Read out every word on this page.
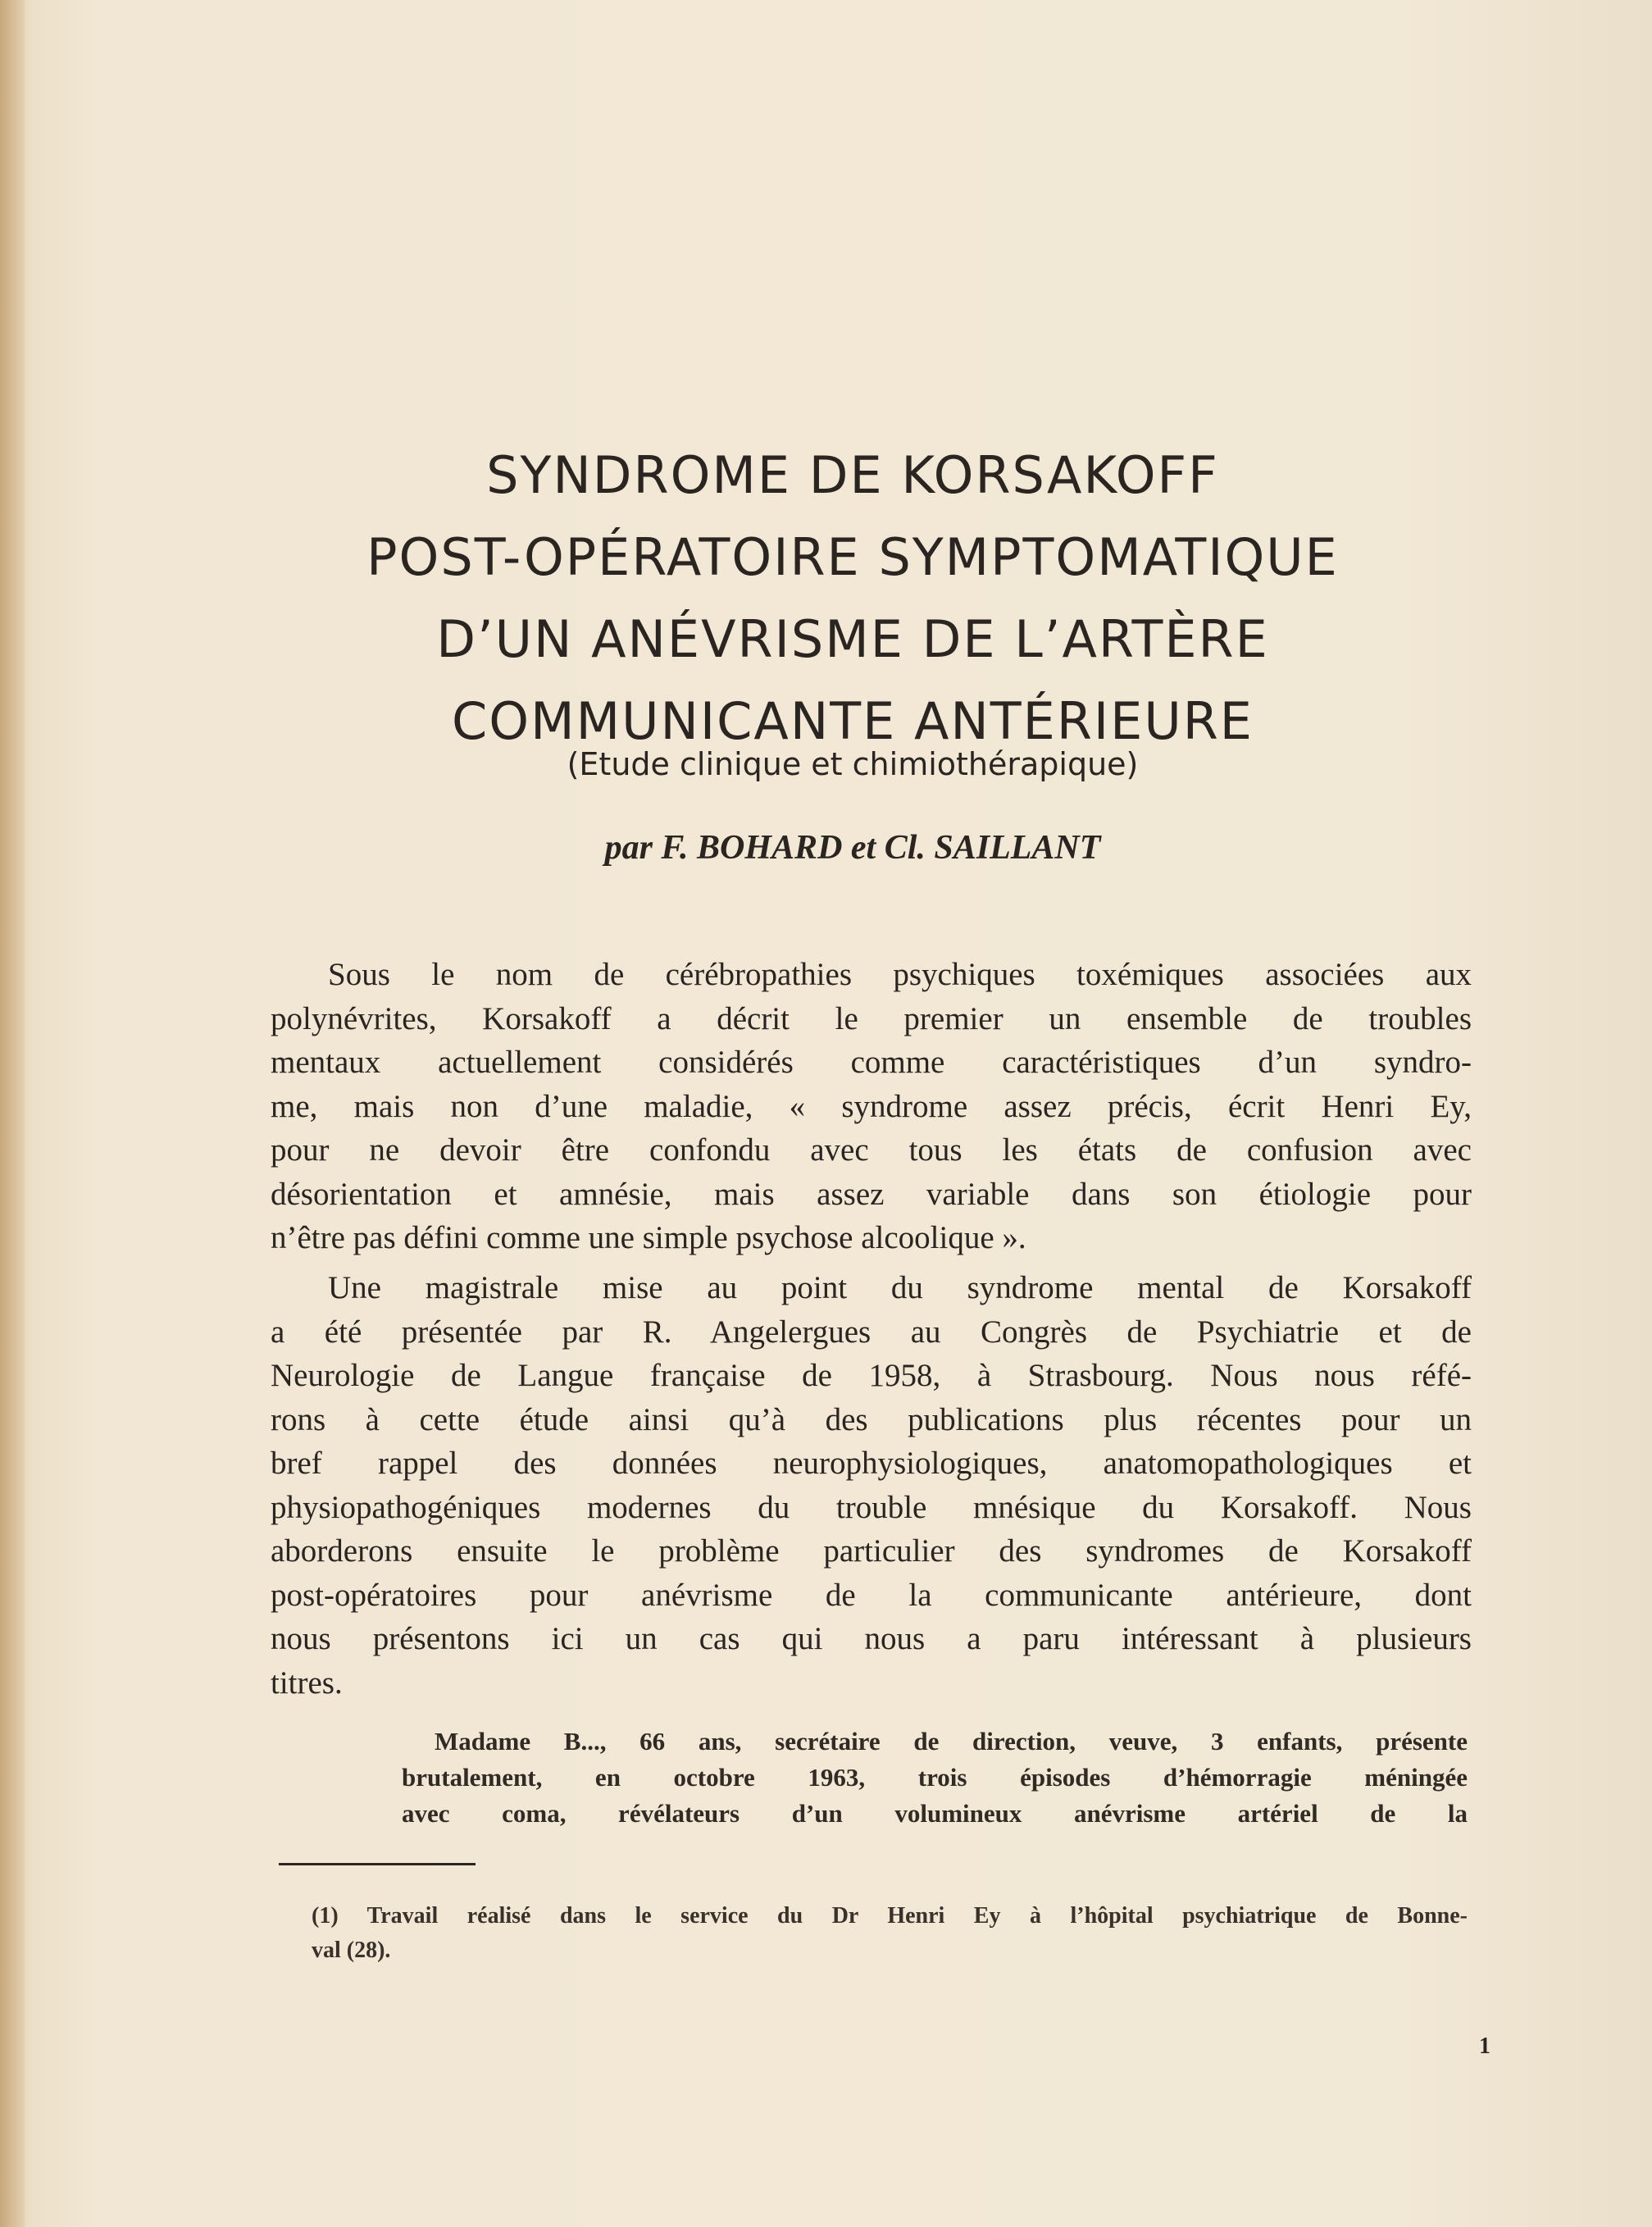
SYNDROME DE KORSAKOFF
POST-OPÉRATOIRE SYMPTOMATIQUE
D’UN ANÉVRISME DE L’ARTÈRE
COMMUNICANTE ANTÉRIEURE
(Etude clinique et chimiothérapique)
par F. BOHARD et Cl. SAILLANT
Sous le nom de cérébropathies psychiques toxémiques associées aux
polynévrites, Korsakoff a décrit le premier un ensemble de troubles
mentaux actuellement considérés comme caractéristiques d’un syndro-
me, mais non d’une maladie, « syndrome assez précis, écrit Henri Ey,
pour ne devoir être confondu avec tous les états de confusion avec
désorientation et amnésie, mais assez variable dans son étiologie pour
n’être pas défini comme une simple psychose alcoolique ».
Une magistrale mise au point du syndrome mental de Korsakoff
a été présentée par R. Angelergues au Congrès de Psychiatrie et de
Neurologie de Langue française de 1958, à Strasbourg. Nous nous réfé-
rons à cette étude ainsi qu’à des publications plus récentes pour un
bref rappel des données neurophysiologiques, anatomopathologiques et
physiopathogéniques modernes du trouble mnésique du Korsakoff. Nous
aborderons ensuite le problème particulier des syndromes de Korsakoff
post-opératoires pour anévrisme de la communicante antérieure, dont
nous présentons ici un cas qui nous a paru intéressant à plusieurs
titres.
Madame B..., 66 ans, secrétaire de direction, veuve, 3 enfants, présente
brutalement, en octobre 1963, trois épisodes d’hémorragie méningée
avec coma, révélateurs d’un volumineux anévrisme artériel de la
(1) Travail réalisé dans le service du Dr Henri Ey à l’hôpital psychiatrique de Bonne-
val (28).
1
